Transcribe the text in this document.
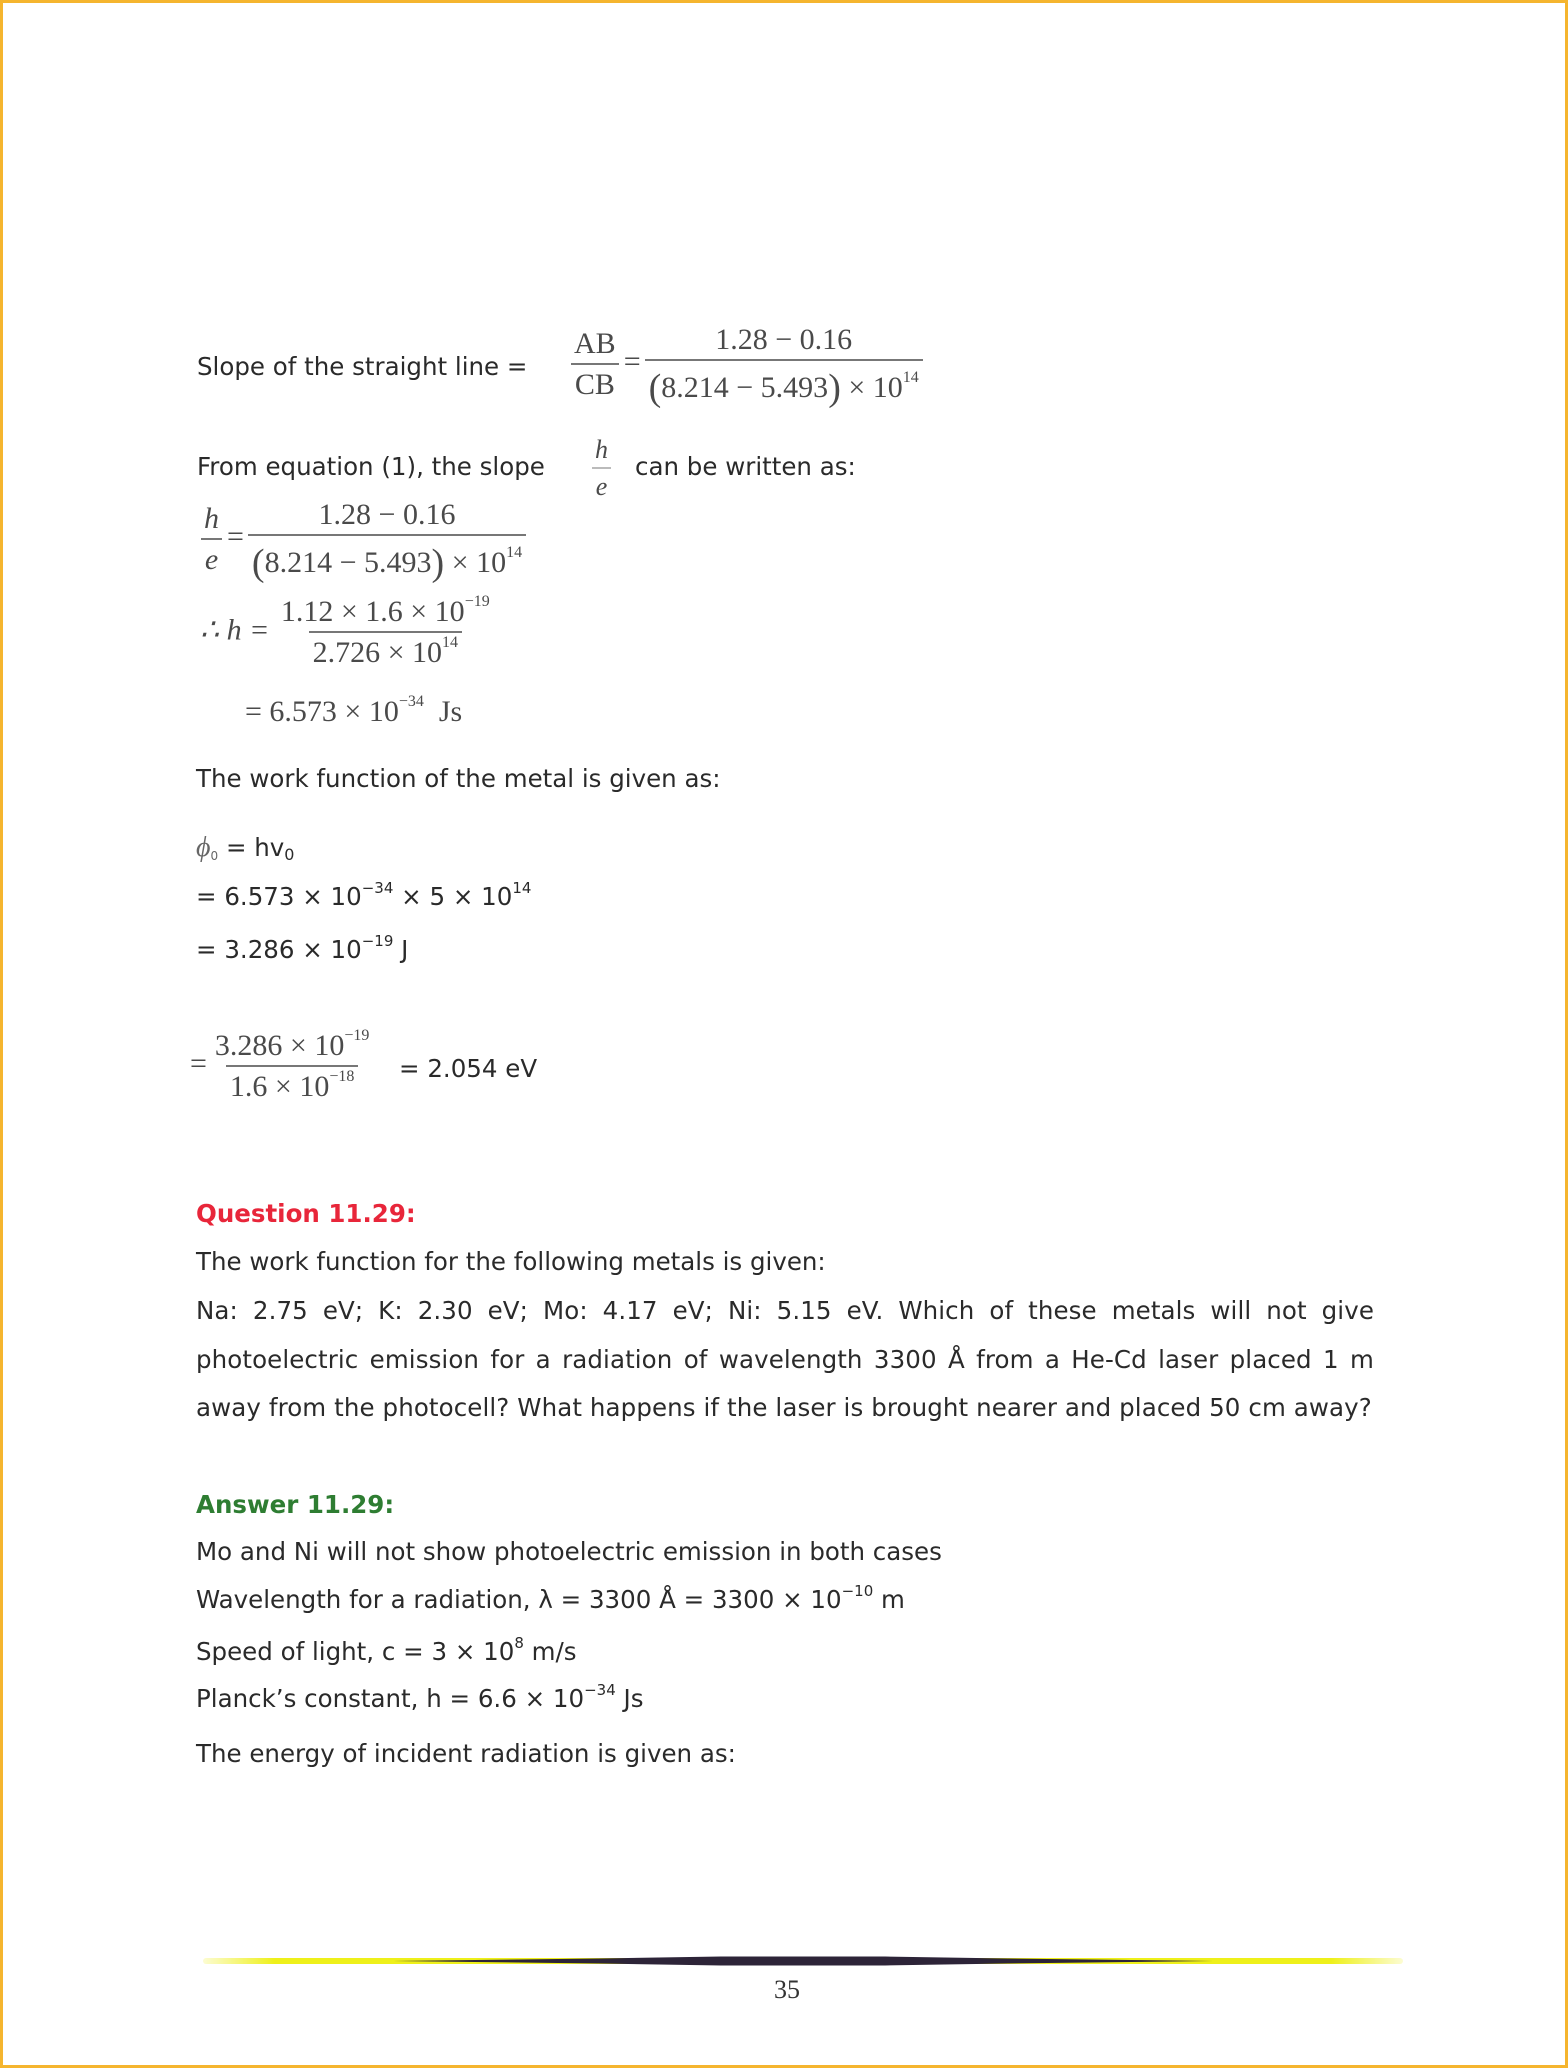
Slope of the straight line = $\frac{AB}{CB} = \frac{1.28 - 0.16}{(8.214 - 5.493) \times 10^{14}}$
From equation (1), the slope $\frac{h}{e}$ can be written as:
$\frac{h}{e} = \frac{1.28 - 0.16}{(8.214 - 5.493) \times 10^{14}}$
∴ $h = \frac{1.12 \times 1.6 \times 10^{-19}}{2.726 \times 10^{14}}$
= $6.573 \times 10^{-34}$ Js
The work function of the metal is given as:
$\phi_0 = hv_0$
= $6.573 \times 10^{-34} \times 5 \times 10^{14}$
= $3.286 \times 10^{-19}$ J
= $\frac{3.286 \times 10^{-19}}{1.6 \times 10^{-18}} = 2.054$ eV
Question 11.29:
The work function for the following metals is given:
Na: 2.75 eV; K: 2.30 eV; Mo: 4.17 eV; Ni: 5.15 eV. Which of these metals will not give photoelectric emission for a radiation of wavelength 3300 Å from a He-Cd laser placed 1 m away from the photocell? What happens if the laser is brought nearer and placed 50 cm away?
Answer 11.29:
Mo and Ni will not show photoelectric emission in both cases
Wavelength for a radiation, λ = 3300 Å = $3300 \times 10^{-10}$ m
Speed of light, $c = 3 \times 10^8$ m/s
Planck’s constant, $h = 6.6 \times 10^{-34}$ Js
The energy of incident radiation is given as:
35
